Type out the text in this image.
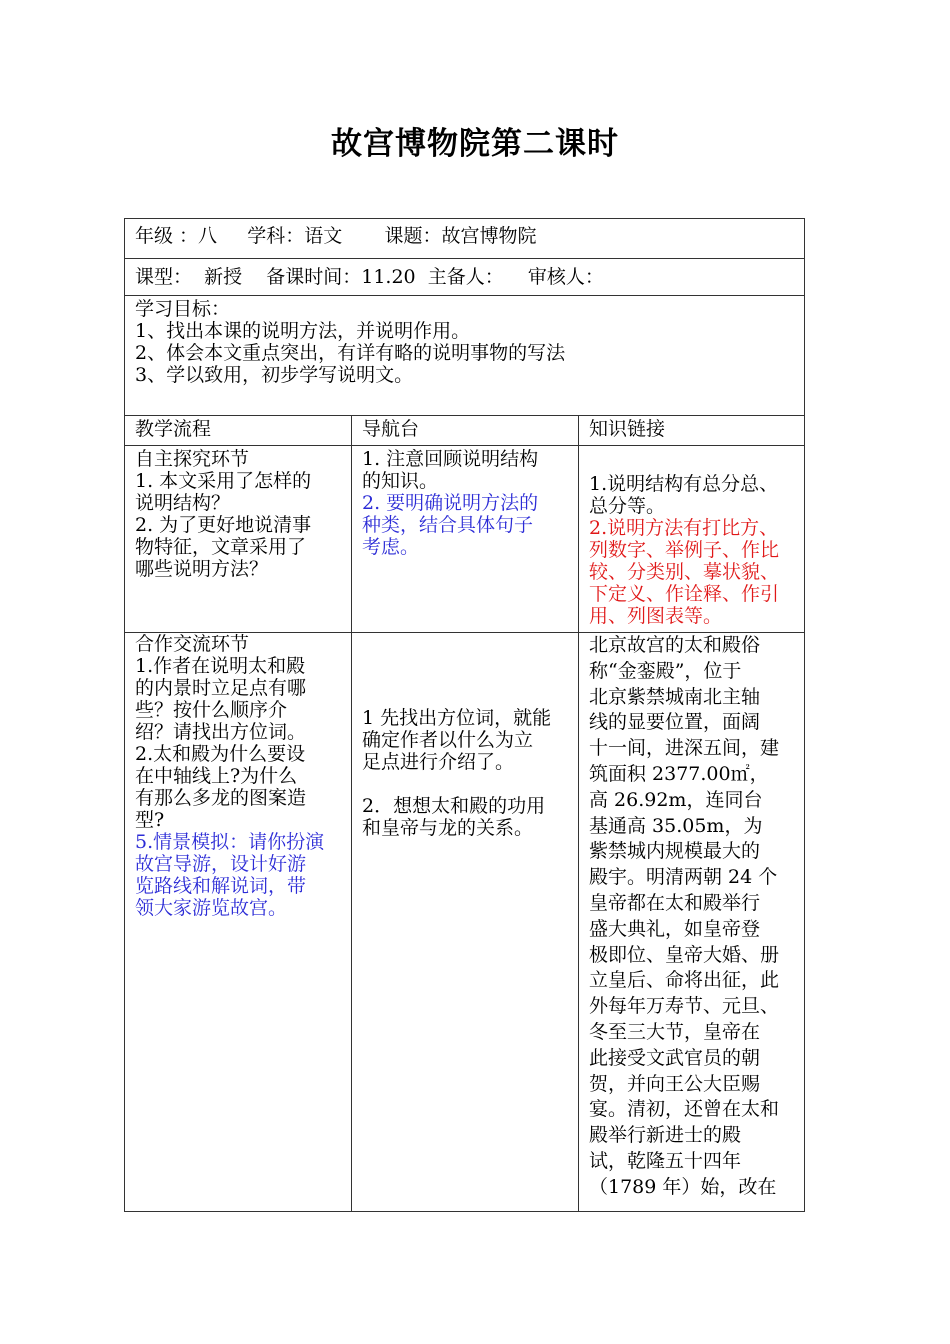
故宫博物院第二课时
年级 ：八     学科：语文       课题：故宫博物院
课型：  新授    备课时间：11.20  主备人：    审核人：
学习目标：
1、找出本课的说明方法，并说明作用。
2、体会本文重点突出，有详有略的说明事物的写法
3、学以致用，初步学写说明文。
教学流程	导航台	知识链接
自主探究环节
1. 本文采用了怎样的
说明结构？
2. 为了更好地说清事
物特征，文章采用了
哪些说明方法？
1. 注意回顾说明结构
的知识。
2. 要明确说明方法的
种类，结合具体句子
考虑。
1.说明结构有总分总、
总分等。
2.说明方法有打比方、
列数字、举例子、作比
较、分类别、摹状貌、
下定义、作诠释、作引
用、列图表等。
合作交流环节
1.作者在说明太和殿
的内景时立足点有哪
些？按什么顺序介
绍？请找出方位词。
2.太和殿为什么要设
在中轴线上?为什么
有那么多龙的图案造
型?
5.情景模拟：请你扮演
故宫导游，设计好游
览路线和解说词，带
领大家游览故宫。
1 先找出方位词，就能
确定作者以什么为立
足点进行介绍了。
2．想想太和殿的功用
和皇帝与龙的关系。
北京故宫的太和殿俗
称“金銮殿”，位于
北京紫禁城南北主轴
线的显要位置，面阔
十一间，进深五间，建
筑面积 2377.00㎡，
高 26.92m，连同台
基通高 35.05m，为
紫禁城内规模最大的
殿宇。明清两朝 24 个
皇帝都在太和殿举行
盛大典礼，如皇帝登
极即位、皇帝大婚、册
立皇后、命将出征，此
外每年万寿节、元旦、
冬至三大节，皇帝在
此接受文武官员的朝
贺，并向王公大臣赐
宴。清初，还曾在太和
殿举行新进士的殿
试，乾隆五十四年
（1789 年）始，改在
